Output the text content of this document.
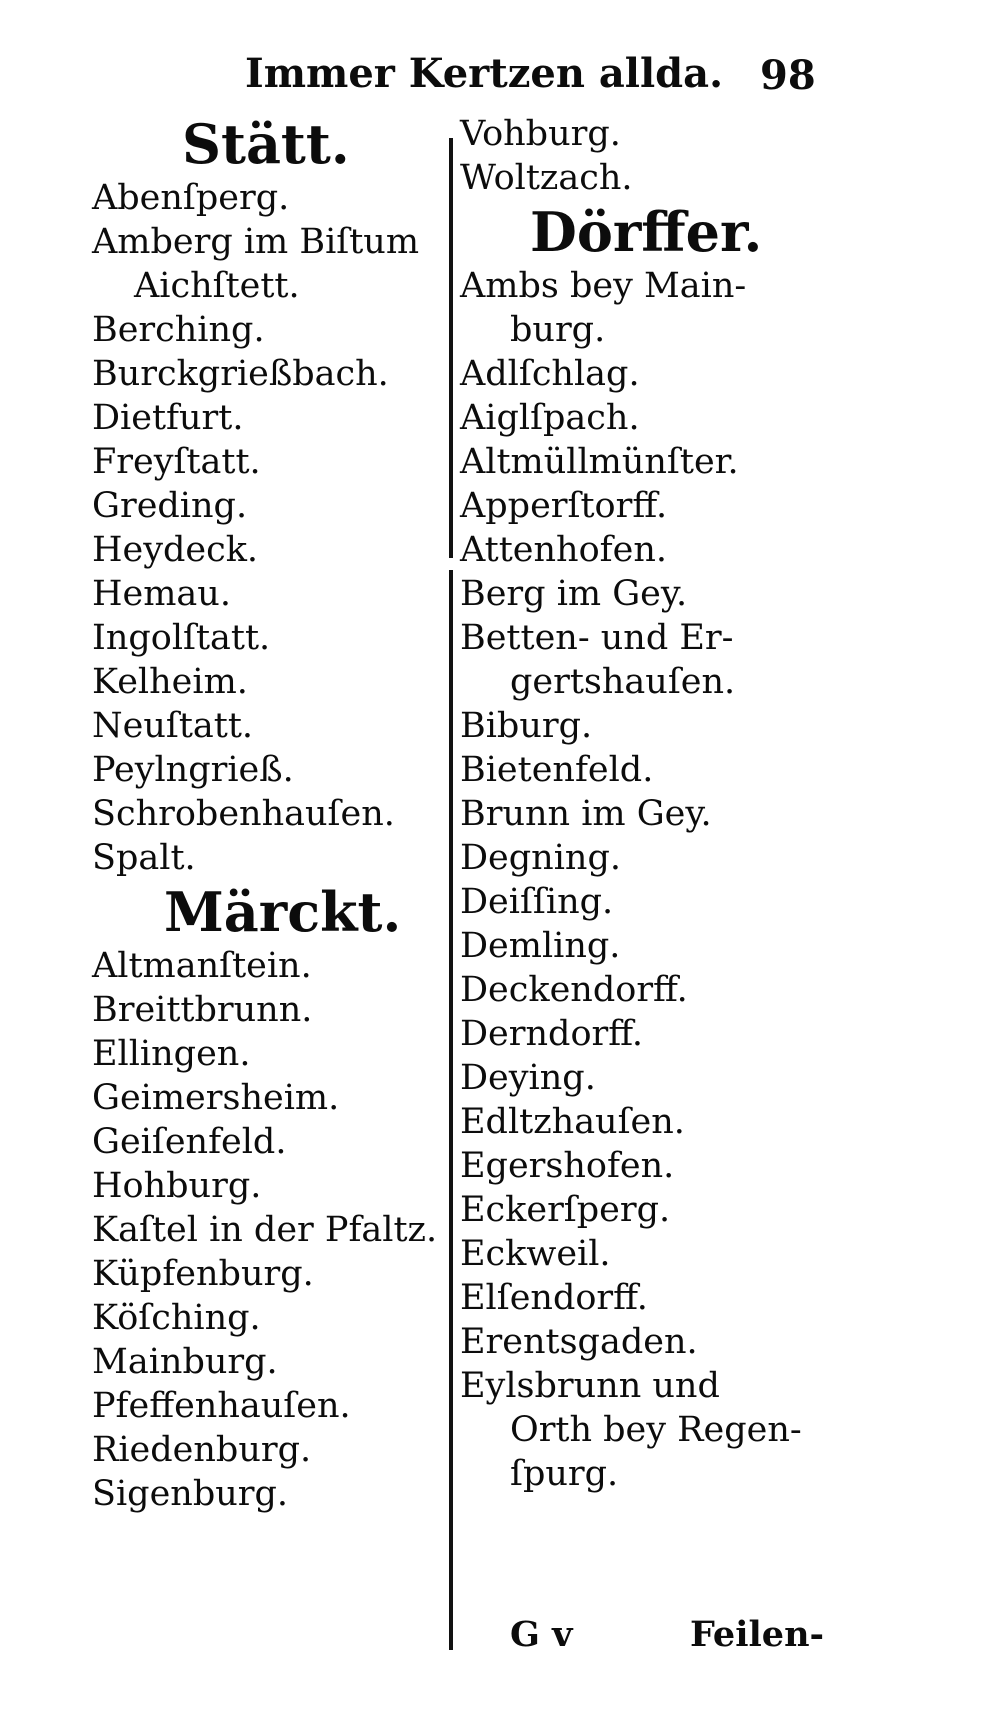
Immer Kertzen allda. 98
Stätt.
Abenſperg.
Amberg im Biſtum
Aichſtett.
Berching.
Burckgrießbach.
Dietfurt.
Freyſtatt.
Greding.
Heydeck.
Hemau.
Ingolſtatt.
Kelheim.
Neuſtatt.
Peylngrieß.
Schrobenhauſen.
Spalt.
Märckt.
Altmanſtein.
Breittbrunn.
Ellingen.
Geimersheim.
Geiſenfeld.
Hohburg.
Kaſtel in der Pfaltz.
Küpfenburg.
Köſching.
Mainburg.
Pfeffenhauſen.
Riedenburg.
Sigenburg.
Vohburg.
Woltzach.
Dörffer.
Ambs bey Main-
burg.
Adlſchlag.
Aiglſpach.
Altmüllmünſter.
Apperſtorff.
Attenhofen.
Berg im Gey.
Betten- und Er-
gertshauſen.
Biburg.
Bietenfeld.
Brunn im Gey.
Degning.
Deiſſing.
Demling.
Deckendorff.
Derndorff.
Deying.
Edltzhauſen.
Egershofen.
Eckerſperg.
Eckweil.
Elſendorff.
Erentsgaden.
Eylsbrunn und
Orth bey Regen-
ſpurg.
G v	Feilen-
